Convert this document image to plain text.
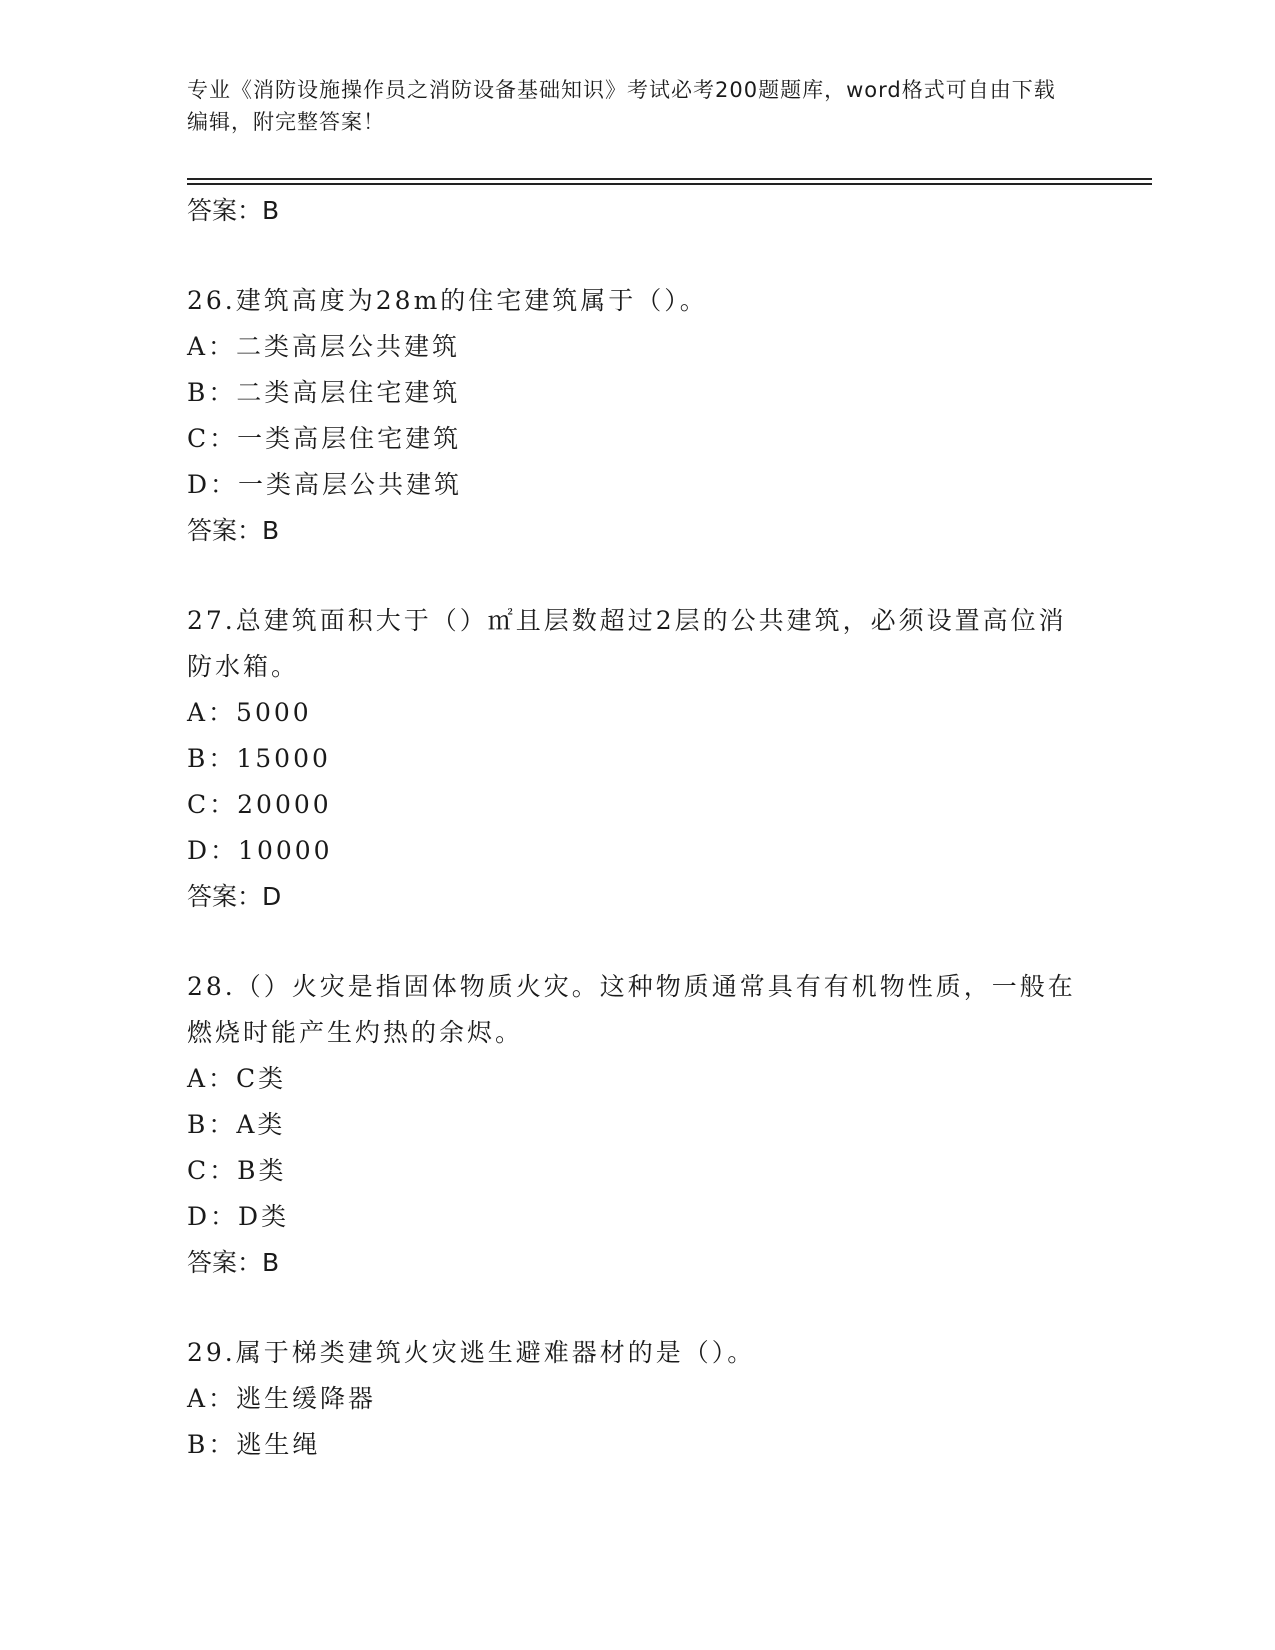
专业《消防设施操作员之消防设备基础知识》考试必考200题题库，word格式可自由下载编辑，附完整答案！

答案：B

26.建筑高度为28m的住宅建筑属于（）。

A：二类高层公共建筑

B：二类高层住宅建筑

C：一类高层住宅建筑

D：一类高层公共建筑

答案：B

27.总建筑面积大于（）㎡且层数超过2层的公共建筑，必须设置高位消防水箱。

A：5000

B：15000

C：20000

D：10000

答案：D

28.（）火灾是指固体物质火灾。这种物质通常具有有机物性质，一般在燃烧时能产生灼热的余烬。

A：C类

B：A类

C：B类

D：D类

答案：B

29.属于梯类建筑火灾逃生避难器材的是（）。

A：逃生缓降器

B：逃生绳
